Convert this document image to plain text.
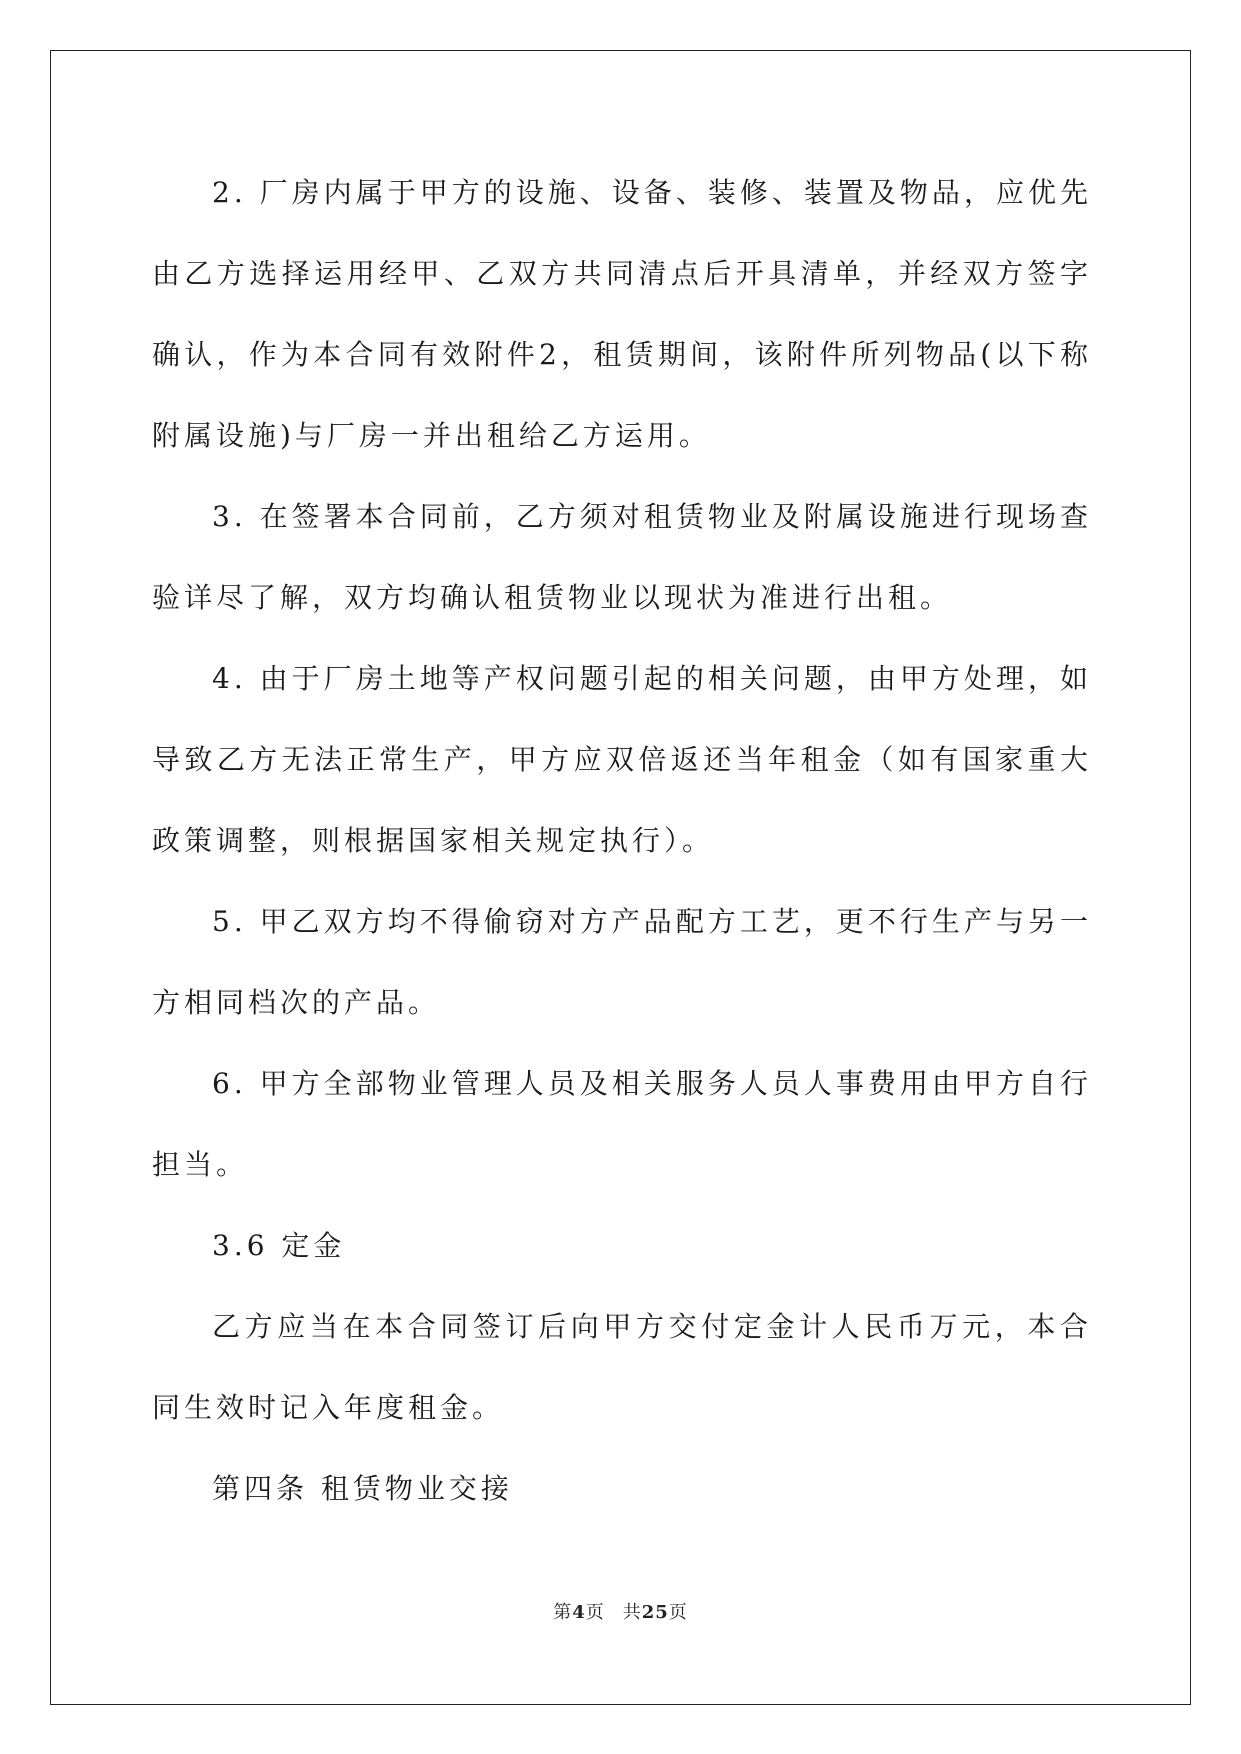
2. 厂房内属于甲方的设施、设备、装修、装置及物品，应优先由乙方选择运用经甲、乙双方共同清点后开具清单，并经双方签字确认，作为本合同有效附件2，租赁期间，该附件所列物品(以下称附属设施)与厂房一并出租给乙方运用。

3. 在签署本合同前，乙方须对租赁物业及附属设施进行现场查验详尽了解，双方均确认租赁物业以现状为准进行出租。

4. 由于厂房土地等产权问题引起的相关问题，由甲方处理，如导致乙方无法正常生产，甲方应双倍返还当年租金（如有国家重大政策调整，则根据国家相关规定执行）。

5. 甲乙双方均不得偷窃对方产品配方工艺，更不行生产与另一方相同档次的产品。

6. 甲方全部物业管理人员及相关服务人员人事费用由甲方自行担当。

3.6 定金

乙方应当在本合同签订后向甲方交付定金计人民币万元，本合同生效时记入年度租金。

第四条 租赁物业交接

第4页 共25页
